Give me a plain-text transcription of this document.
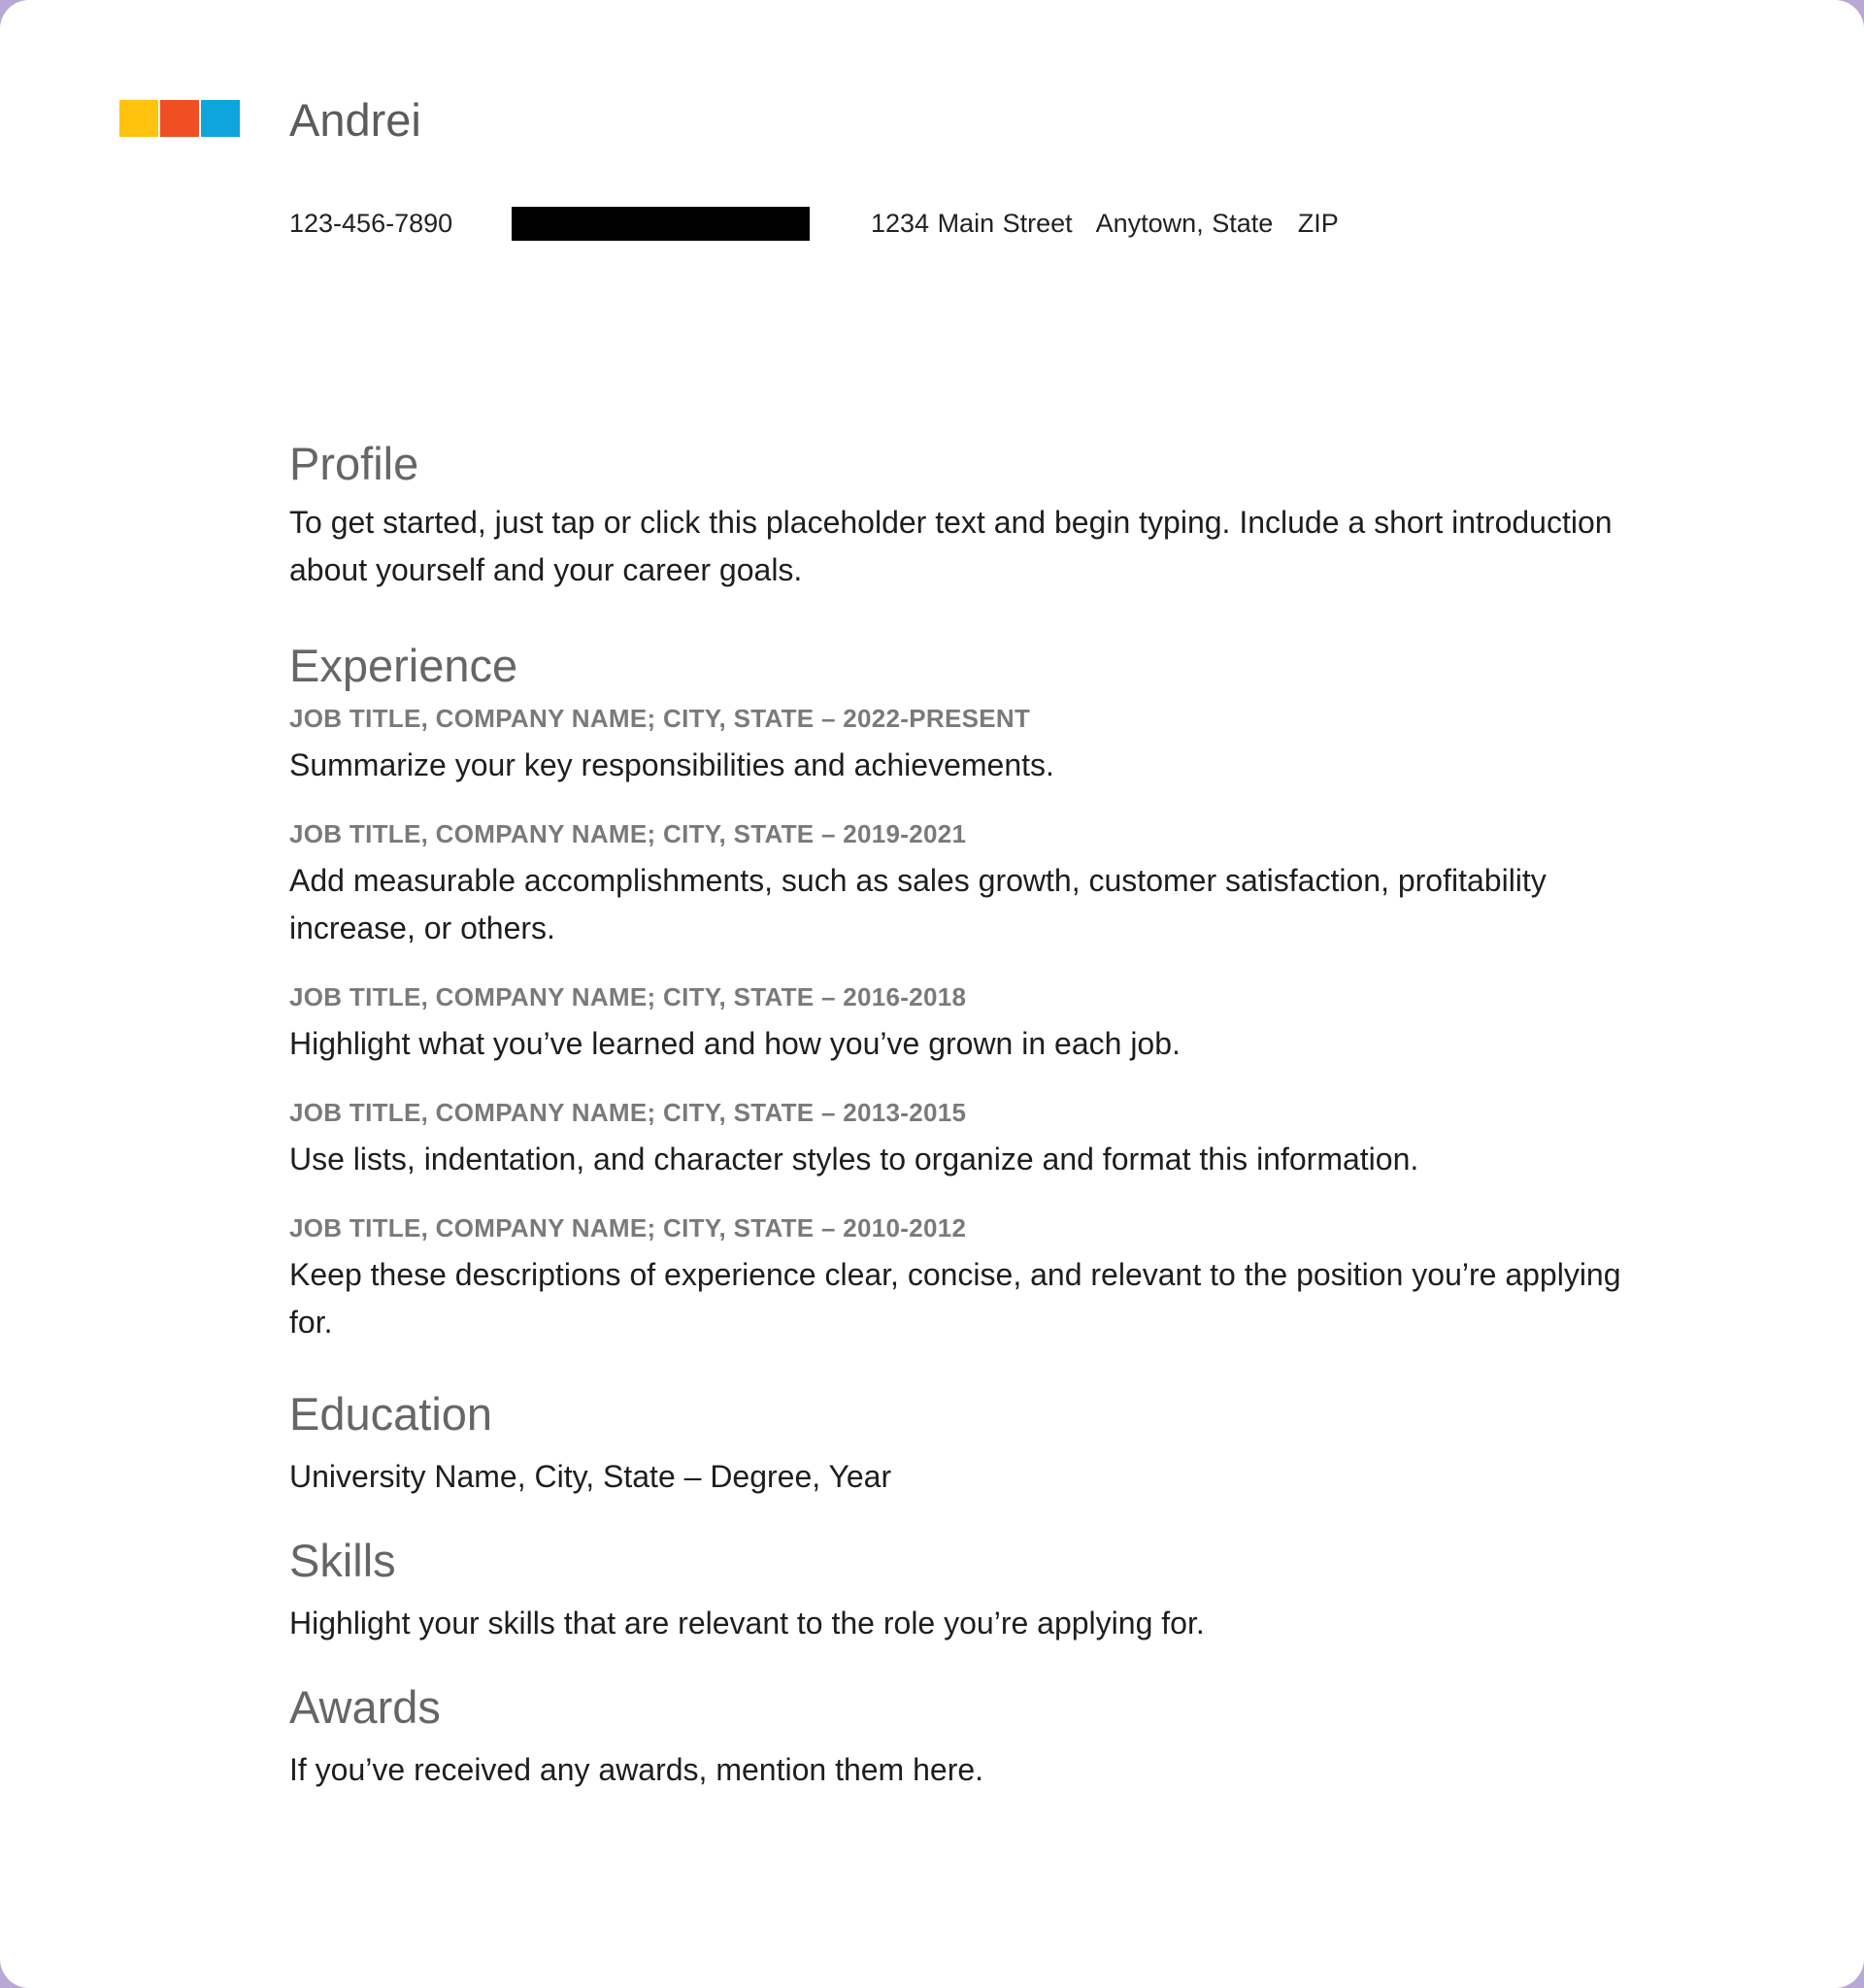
Andrei
123-456-7890	1234 Main Street   Anytown, State   ZIP
Profile

To get started, just tap or click this placeholder text and begin typing. Include a short introduction about yourself and your career goals.

Experience
JOB TITLE, COMPANY NAME; CITY, STATE – 2022-PRESENT

Summarize your key responsibilities and achievements.

JOB TITLE, COMPANY NAME; CITY, STATE – 2019-2021

Add measurable accomplishments, such as sales growth, customer satisfaction, profitability increase, or others.

JOB TITLE, COMPANY NAME; CITY, STATE – 2016-2018

Highlight what you’ve learned and how you’ve grown in each job.

JOB TITLE, COMPANY NAME; CITY, STATE – 2013-2015

Use lists, indentation, and character styles to organize and format this information.

JOB TITLE, COMPANY NAME; CITY, STATE – 2010-2012

Keep these descriptions of experience clear, concise, and relevant to the position you’re applying for.

Education

University Name, City, State – Degree, Year

Skills

Highlight your skills that are relevant to the role you’re applying for.

Awards

If you’ve received any awards, mention them here.
